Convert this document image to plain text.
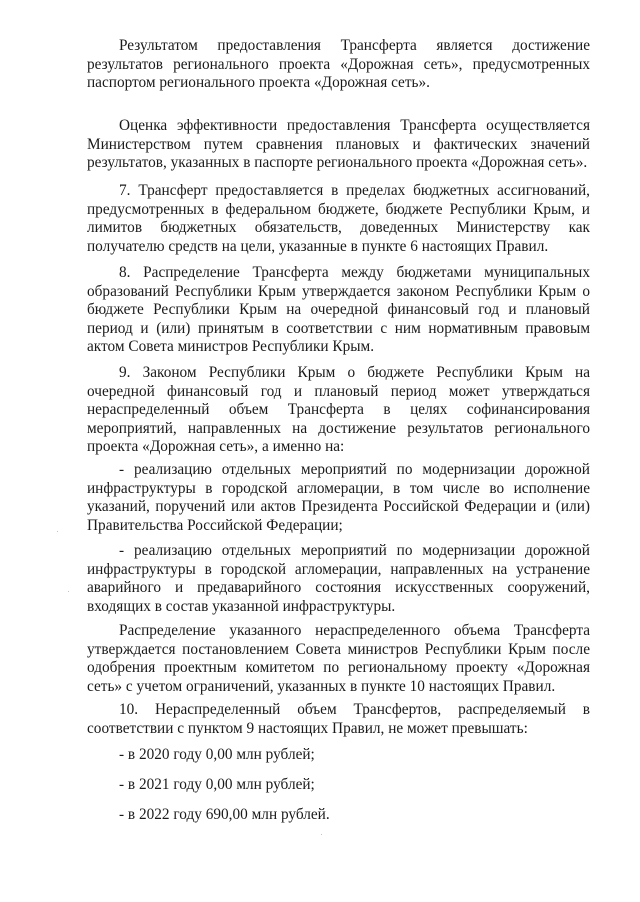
Результатом предоставления Трансферта является достижение результатов регионального проекта «Дорожная сеть», предусмотренных паспортом регионального проекта «Дорожная сеть».

Оценка эффективности предоставления Трансферта осуществляется Министерством путем сравнения плановых и фактических значений результатов, указанных в паспорте регионального проекта «Дорожная сеть».

7. Трансферт предоставляется в пределах бюджетных ассигнований, предусмотренных в федеральном бюджете, бюджете Республики Крым, и лимитов бюджетных обязательств, доведенных Министерству как получателю средств на цели, указанные в пункте 6 настоящих Правил.

8. Распределение Трансферта между бюджетами муниципальных образований Республики Крым утверждается законом Республики Крым о бюджете Республики Крым на очередной финансовый год и плановый период и (или) принятым в соответствии с ним нормативным правовым актом Совета министров Республики Крым.

9. Законом Республики Крым о бюджете Республики Крым на очередной финансовый год и плановый период может утверждаться нераспределенный объем Трансферта в целях софинансирования мероприятий, направленных на достижение результатов регионального проекта «Дорожная сеть», а именно на:

- реализацию отдельных мероприятий по модернизации дорожной инфраструктуры в городской агломерации, в том числе во исполнение указаний, поручений или актов Президента Российской Федерации и (или) Правительства Российской Федерации;

- реализацию отдельных мероприятий по модернизации дорожной инфраструктуры в городской агломерации, направленных на устранение аварийного и предаварийного состояния искусственных сооружений, входящих в состав указанной инфраструктуры.

Распределение указанного нераспределенного объема Трансферта утверждается постановлением Совета министров Республики Крым после одобрения проектным комитетом по региональному проекту «Дорожная сеть» с учетом ограничений, указанных в пункте 10 настоящих Правил.

10. Нераспределенный объем Трансфертов, распределяемый в соответствии с пунктом 9 настоящих Правил, не может превышать:

- в 2020 году 0,00 млн рублей;

- в 2021 году 0,00 млн рублей;

- в 2022 году 690,00 млн рублей.
